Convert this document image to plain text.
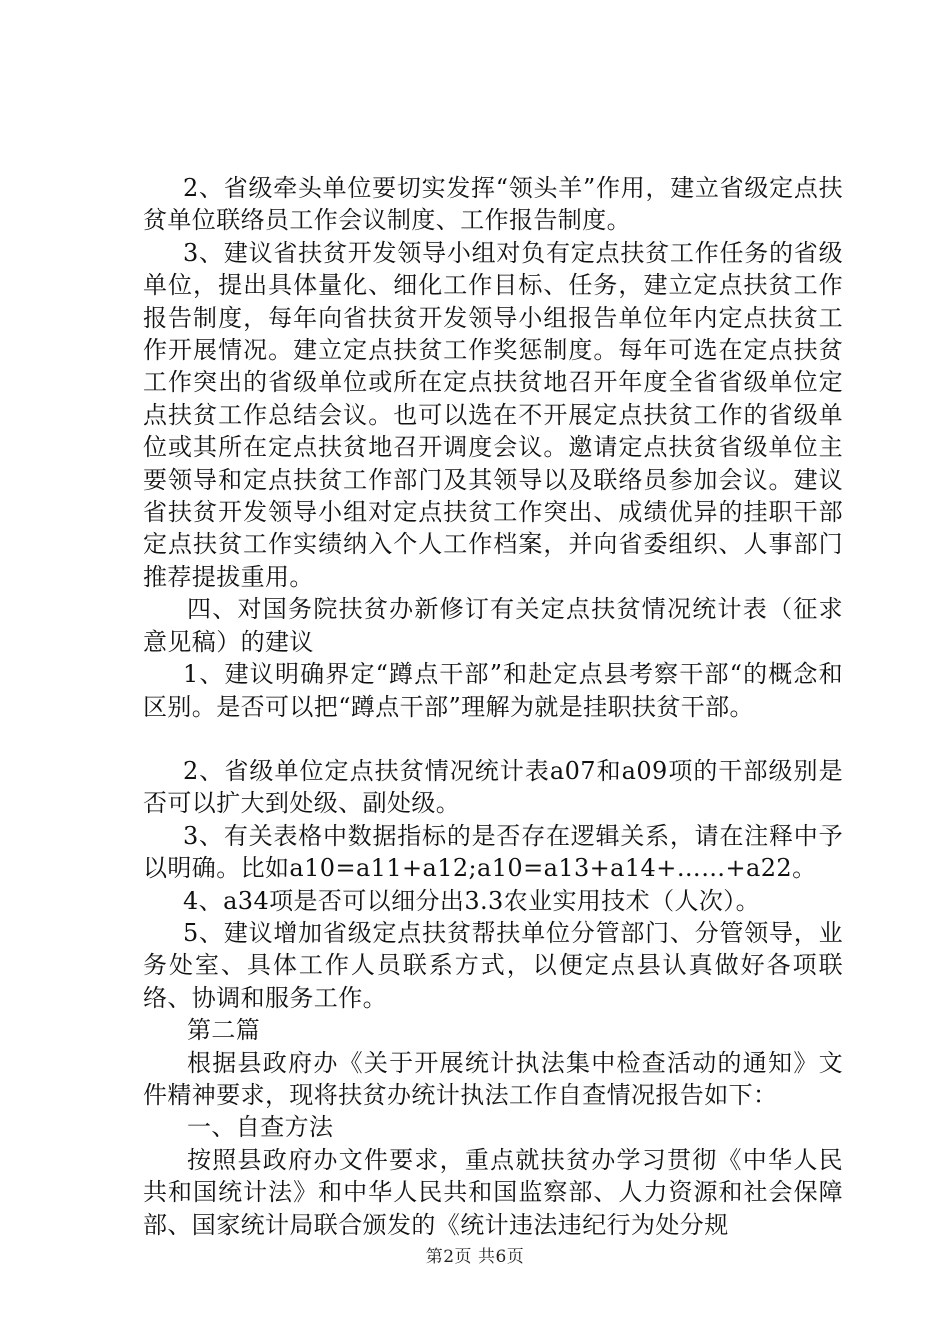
2、省级牵头单位要切实发挥“领头羊”作用，建立省级定点扶贫单位联络员工作会议制度、工作报告制度。

3、建议省扶贫开发领导小组对负有定点扶贫工作任务的省级单位，提出具体量化、细化工作目标、任务，建立定点扶贫工作报告制度，每年向省扶贫开发领导小组报告单位年内定点扶贫工作开展情况。建立定点扶贫工作奖惩制度。每年可选在定点扶贫工作突出的省级单位或所在定点扶贫地召开年度全省省级单位定点扶贫工作总结会议。也可以选在不开展定点扶贫工作的省级单位或其所在定点扶贫地召开调度会议。邀请定点扶贫省级单位主要领导和定点扶贫工作部门及其领导以及联络员参加会议。建议省扶贫开发领导小组对定点扶贫工作突出、成绩优异的挂职干部定点扶贫工作实绩纳入个人工作档案，并向省委组织、人事部门推荐提拔重用。

四、对国务院扶贫办新修订有关定点扶贫情况统计表（征求意见稿）的建议

1、建议明确界定“蹲点干部”和赴定点县考察干部“的概念和区别。是否可以把“蹲点干部”理解为就是挂职扶贫干部。

2、省级单位定点扶贫情况统计表a07和a09项的干部级别是否可以扩大到处级、副处级。

3、有关表格中数据指标的是否存在逻辑关系，请在注释中予以明确。比如a10=a11+a12;a10=a13+a14+……+a22。

4、a34项是否可以细分出3.3农业实用技术（人次）。

5、建议增加省级定点扶贫帮扶单位分管部门、分管领导，业务处室、具体工作人员联系方式，以便定点县认真做好各项联络、协调和服务工作。

第二篇

根据县政府办《关于开展统计执法集中检查活动的通知》文件精神要求，现将扶贫办统计执法工作自查情况报告如下：

一、自查方法

按照县政府办文件要求，重点就扶贫办学习贯彻《中华人民共和国统计法》和中华人民共和国监察部、人力资源和社会保障部、国家统计局联合颁发的《统计违法违纪行为处分规

第2页 共6页
